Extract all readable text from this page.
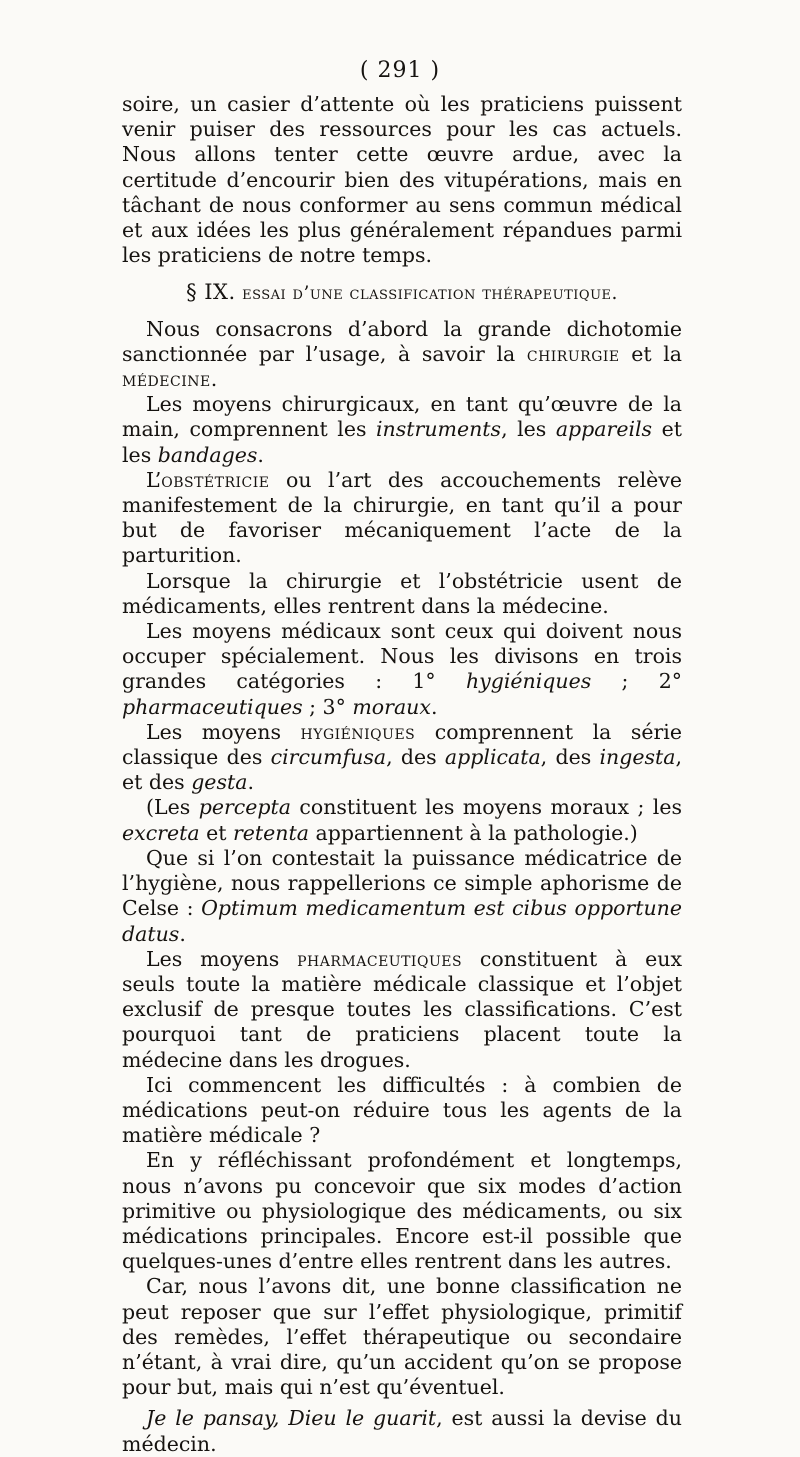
( 291 )

soire, un casier d’attente où les praticiens puissent venir puiser des ressources pour les cas actuels. Nous allons tenter cette œuvre ardue, avec la certitude d’encourir bien des vitupérations, mais en tâchant de nous conformer au sens commun médical et aux idées les plus généralement répandues parmi les praticiens de notre temps.

§ IX. essai d’une classification thérapeutique.

Nous consacrons d’abord la grande dichotomie sanctionnée par l’usage, à savoir la chirurgie et la médecine.

Les moyens chirurgicaux, en tant qu’œuvre de la main, comprennent les instruments, les appareils et les bandages.

L’obstétricie ou l’art des accouchements relève manifestement de la chirurgie, en tant qu’il a pour but de favoriser mécaniquement l’acte de la parturition.

Lorsque la chirurgie et l’obstétricie usent de médicaments, elles rentrent dans la médecine.

Les moyens médicaux sont ceux qui doivent nous occuper spécialement. Nous les divisons en trois grandes catégories : 1° hygiéniques ; 2° pharmaceutiques ; 3° moraux.

Les moyens hygiéniques comprennent la série classique des circumfusa, des applicata, des ingesta, et des gesta.

(Les percepta constituent les moyens moraux ; les excreta et retenta appartiennent à la pathologie.)

Que si l’on contestait la puissance médicatrice de l’hygiène, nous rappellerions ce simple aphorisme de Celse : Optimum medicamentum est cibus opportune datus.

Les moyens pharmaceutiques constituent à eux seuls toute la matière médicale classique et l’objet exclusif de presque toutes les classifications. C’est pourquoi tant de praticiens placent toute la médecine dans les drogues.

Ici commencent les difficultés : à combien de médications peut-on réduire tous les agents de la matière médicale ?

En y réfléchissant profondément et longtemps, nous n’avons pu concevoir que six modes d’action primitive ou physiologique des médicaments, ou six médications principales. Encore est-il possible que quelques-unes d’entre elles rentrent dans les autres.

Car, nous l’avons dit, une bonne classification ne peut reposer que sur l’effet physiologique, primitif des remèdes, l’effet thérapeutique ou secondaire n’étant, à vrai dire, qu’un accident qu’on se propose pour but, mais qui n’est qu’éventuel.

Je le pansay, Dieu le guarit, est aussi la devise du médecin.
